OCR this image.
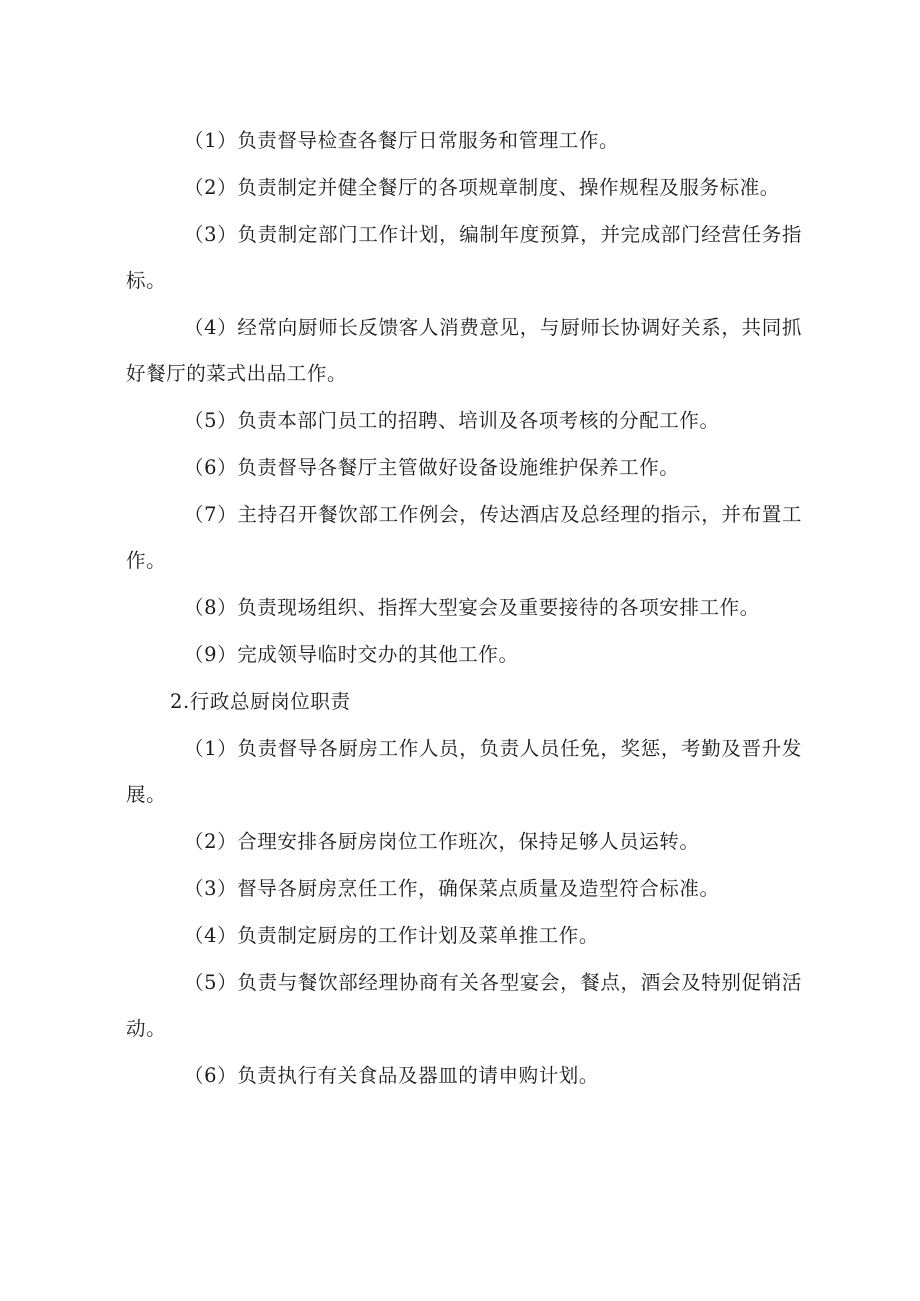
（1）负责督导检查各餐厅日常服务和管理工作。

（2）负责制定并健全餐厅的各项规章制度、操作规程及服务标准。

（3）负责制定部门工作计划，编制年度预算，并完成部门经营任务指标。

（4）经常向厨师长反馈客人消费意见，与厨师长协调好关系，共同抓好餐厅的菜式出品工作。

（5）负责本部门员工的招聘、培训及各项考核的分配工作。

（6）负责督导各餐厅主管做好设备设施维护保养工作。

（7）主持召开餐饮部工作例会，传达酒店及总经理的指示，并布置工作。

（8）负责现场组织、指挥大型宴会及重要接待的各项安排工作。

（9）完成领导临时交办的其他工作。

2.行政总厨岗位职责

（1）负责督导各厨房工作人员，负责人员任免，奖惩，考勤及晋升发展。

（2）合理安排各厨房岗位工作班次，保持足够人员运转。

（3）督导各厨房烹任工作，确保菜点质量及造型符合标准。

（4）负责制定厨房的工作计划及菜单推工作。

（5）负责与餐饮部经理协商有关各型宴会，餐点，酒会及特别促销活动。

（6）负责执行有关食品及器皿的请申购计划。
